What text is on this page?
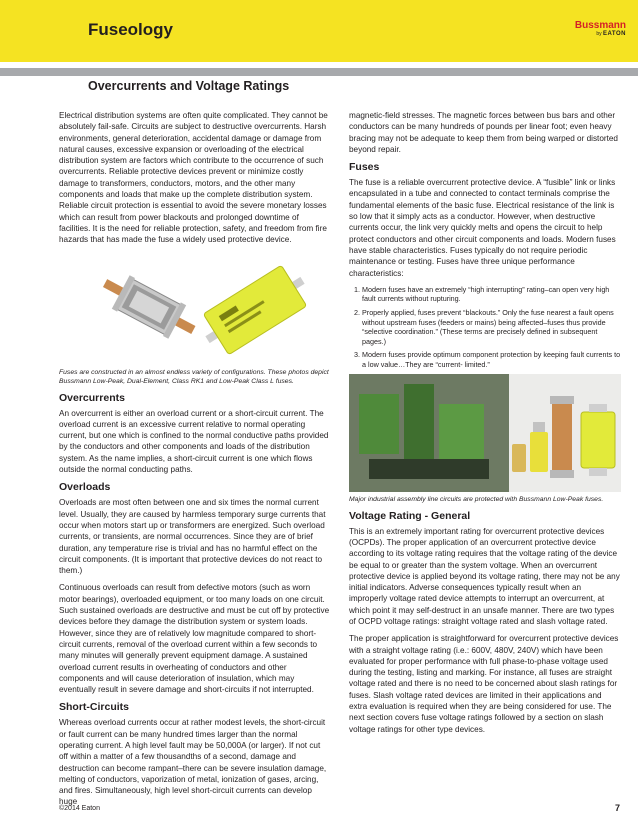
Fuseology	Bussmann
by EATON
Overcurrents and Voltage Ratings

Electrical distribution systems are often quite complicated. They cannot be absolutely fail-safe. Circuits are subject to destructive overcurrents. Harsh environments, general deterioration, accidental damage or damage from natural causes, excessive expansion or overloading of the electrical distribution system are factors which contribute to the occurrence of such overcurrents. Reliable protective devices prevent or minimize costly damage to transformers, conductors, motors, and the other many components and loads that make up the complete distribution system. Reliable circuit protection is essential to avoid the severe monetary losses which can result from power blackouts and prolonged downtime of facilities. It is the need for reliable protection, safety, and freedom from fire hazards that has made the fuse a widely used protective device.

Fuses are constructed in an almost endless variety of configurations. These photos depict Bussmann Low-Peak, Dual-Element, Class RK1 and Low-Peak Class L fuses.
Overcurrents

An overcurrent is either an overload current or a short-circuit current. The overload current is an excessive current relative to normal operating current, but one which is confined to the normal conductive paths provided by the conductors and other components and loads of the distribution system. As the name implies, a short-circuit current is one which flows outside the normal conducting paths.

Overloads

Overloads are most often between one and six times the normal current level. Usually, they are caused by harmless temporary surge currents that occur when motors start up or transformers are energized. Such overload currents, or transients, are normal occurrences. Since they are of brief duration, any temperature rise is trivial and has no harmful effect on the circuit components. (It is important that protective devices do not react to them.)

Continuous overloads can result from defective motors (such as worn motor bearings), overloaded equipment, or too many loads on one circuit. Such sustained overloads are destructive and must be cut off by protective devices before they damage the distribution system or system loads. However, since they are of relatively low magnitude compared to short-circuit currents, removal of the overload current within a few seconds to many minutes will generally prevent equipment damage. A sustained overload current results in overheating of conductors and other components and will cause deterioration of insulation, which may eventually result in severe damage and short-circuits if not interrupted.

Short-Circuits

Whereas overload currents occur at rather modest levels, the short-circuit or fault current can be many hundred times larger than the normal operating current. A high level fault may be 50,000A (or larger). If not cut off within a matter of a few thousandths of a second, damage and destruction can become rampant–there can be severe insulation damage, melting of conductors, vaporization of metal, ionization of gases, arcing, and fires. Simultaneously, high level short-circuit currents can develop huge

magnetic-field stresses. The magnetic forces between bus bars and other conductors can be many hundreds of pounds per linear foot; even heavy bracing may not be adequate to keep them from being warped or distorted beyond repair.

Fuses

The fuse is a reliable overcurrent protective device. A “fusible” link or links encapsulated in a tube and connected to contact terminals comprise the fundamental elements of the basic fuse. Electrical resistance of the link is so low that it simply acts as a conductor. However, when destructive currents occur, the link very quickly melts and opens the circuit to help protect conductors and other circuit components and loads. Modern fuses have stable characteristics. Fuses typically do not require periodic maintenance or testing. Fuses have three unique performance characteristics:

1. Modern fuses have an extremely “high interrupting” rating–can open very high fault currents without rupturing.
2. Properly applied, fuses prevent “blackouts.” Only the fuse nearest a fault opens without upstream fuses (feeders or mains) being affected–fuses thus provide “selective coordination.” (These terms are precisely defined in subsequent pages.)
3. Modern fuses provide optimum component protection by keeping fault currents to a low value…They are “current- limited.”
Major industrial assembly line circuits are protected with Bussmann Low-Peak fuses.
Voltage Rating - General

This is an extremely important rating for overcurrent protective devices (OCPDs). The proper application of an overcurrent protective device according to its voltage rating requires that the voltage rating of the device be equal to or greater than the system voltage. When an overcurrent protective device is applied beyond its voltage rating, there may not be any initial indicators. Adverse consequences typically result when an improperly voltage rated device attempts to interrupt an overcurrent, at which point it may self-destruct in an unsafe manner. There are two types of OCPD voltage ratings: straight voltage rated and slash voltage rated.

The proper application is straightforward for overcurrent protective devices with a straight voltage rating (i.e.: 600V, 480V, 240V) which have been evaluated for proper performance with full phase-to-phase voltage used during the testing, listing and marking. For instance, all fuses are straight voltage rated and there is no need to be concerned about slash ratings for fuses. Slash voltage rated devices are limited in their applications and extra evaluation is required when they are being considered for use. The next section covers fuse voltage ratings followed by a section on slash voltage ratings for other type devices.

©2014 Eaton	7
